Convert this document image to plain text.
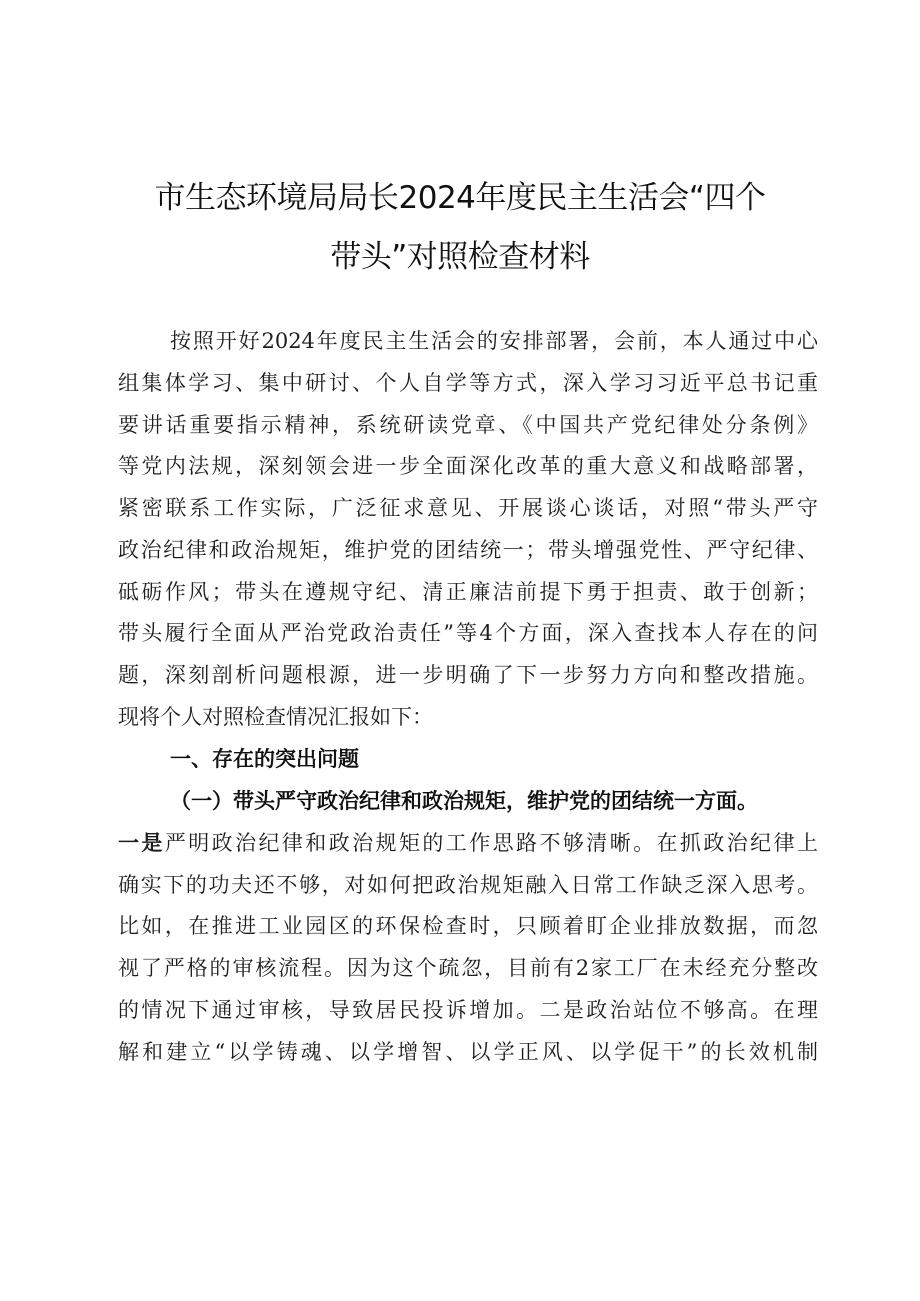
市生态环境局局长2024年度民主生活会“四个
带头”对照检查材料
按照开好2024年度民主生活会的安排部署，会前，本人通过中心
组集体学习、集中研讨、个人自学等方式，深入学习习近平总书记重
要讲话重要指示精神，系统研读党章、《中国共产党纪律处分条例》
等党内法规，深刻领会进一步全面深化改革的重大意义和战略部署，
紧密联系工作实际，广泛征求意见、开展谈心谈话，对照“带头严守
政治纪律和政治规矩，维护党的团结统一；带头增强党性、严守纪律、
砥砺作风；带头在遵规守纪、清正廉洁前提下勇于担责、敢于创新；
带头履行全面从严治党政治责任”等4个方面，深入查找本人存在的问
题，深刻剖析问题根源，进一步明确了下一步努力方向和整改措施。
现将个人对照检查情况汇报如下：
一、存在的突出问题
（一）带头严守政治纪律和政治规矩，维护党的团结统一方面。
一是严明政治纪律和政治规矩的工作思路不够清晰。在抓政治纪律上
确实下的功夫还不够，对如何把政治规矩融入日常工作缺乏深入思考。
比如，在推进工业园区的环保检查时，只顾着盯企业排放数据，而忽
视了严格的审核流程。因为这个疏忽，目前有2家工厂在未经充分整改
的情况下通过审核，导致居民投诉增加。二是政治站位不够高。在理
解和建立“以学铸魂、以学增智、以学正风、以学促干”的长效机制
